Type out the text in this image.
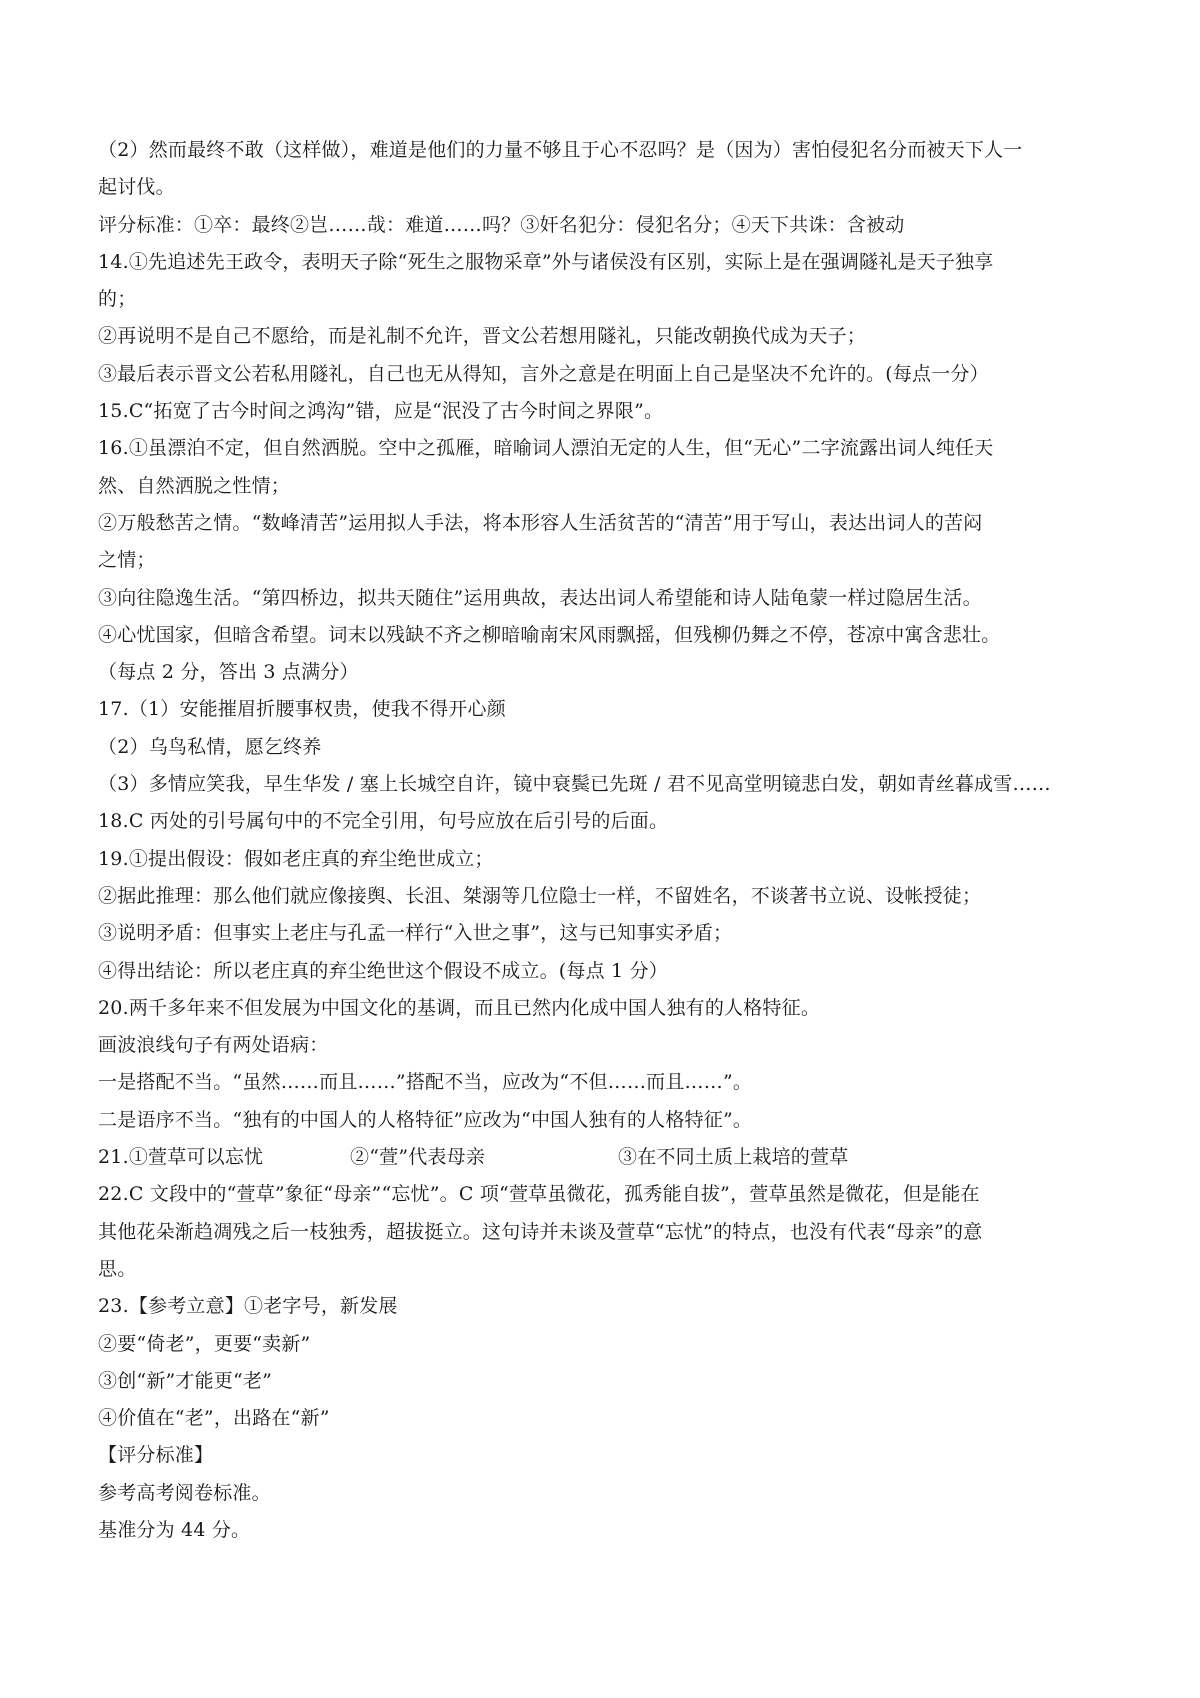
（2）然而最终不敢（这样做），难道是他们的力量不够且于心不忍吗？是（因为）害怕侵犯名分而被天下人一
起讨伐。
评分标准：①卒：最终②岂……哉：难道……吗？③奸名犯分：侵犯名分；④天下共诛：含被动
14.①先追述先王政令，表明天子除“死生之服物采章”外与诸侯没有区别，实际上是在强调隧礼是天子独享
的；
②再说明不是自己不愿给，而是礼制不允许，晋文公若想用隧礼，只能改朝换代成为天子；
③最后表示晋文公若私用隧礼，自己也无从得知，言外之意是在明面上自己是坚决不允许的。(每点一分）
15.C“拓宽了古今时间之鸿沟”错，应是“泯没了古今时间之界限”。
16.①虽漂泊不定，但自然洒脱。空中之孤雁，暗喻词人漂泊无定的人生，但“无心”二字流露出词人纯任天
然、自然洒脱之性情；
②万般愁苦之情。“数峰清苦”运用拟人手法，将本形容人生活贫苦的“清苦”用于写山，表达出词人的苦闷
之情；
③向往隐逸生活。“第四桥边，拟共天随住”运用典故，表达出词人希望能和诗人陆龟蒙一样过隐居生活。
④心忧国家，但暗含希望。词末以残缺不齐之柳暗喻南宋风雨飘摇，但残柳仍舞之不停，苍凉中寓含悲壮。
（每点 2 分，答出 3 点满分）
17.（1）安能摧眉折腰事权贵，使我不得开心颜
（2）乌鸟私情，愿乞终养
（3）多情应笑我，早生华发 / 塞上长城空自许，镜中衰鬓已先斑 / 君不见高堂明镜悲白发，朝如青丝暮成雪……
18.C 丙处的引号属句中的不完全引用，句号应放在后引号的后面。
19.①提出假设：假如老庄真的弃尘绝世成立；
②据此推理：那么他们就应像接舆、长沮、桀溺等几位隐士一样，不留姓名，不谈著书立说、设帐授徒；
③说明矛盾：但事实上老庄与孔孟一样行“入世之事”，这与已知事实矛盾；
④得出结论：所以老庄真的弃尘绝世这个假设不成立。(每点 1 分）
20.两千多年来不但发展为中国文化的基调，而且已然内化成中国人独有的人格特征。
画波浪线句子有两处语病：
一是搭配不当。“虽然……而且……”搭配不当，应改为“不但……而且……”。
二是语序不当。“独有的中国人的人格特征”应改为“中国人独有的人格特征”。
21.①萱草可以忘忧	②“萱”代表母亲	③在不同土质上栽培的萱草
22.C 文段中的“萱草”象征“母亲”“忘忧”。C 项“萱草虽微花，孤秀能自拔”，萱草虽然是微花，但是能在
其他花朵渐趋凋残之后一枝独秀，超拔挺立。这句诗并未谈及萱草“忘忧”的特点，也没有代表“母亲”的意
思。
23.【参考立意】①老字号，新发展
②要“倚老”，更要“卖新”
③创“新”才能更“老”
④价值在“老”，出路在“新”
【评分标准】
参考高考阅卷标准。
基准分为 44 分。
